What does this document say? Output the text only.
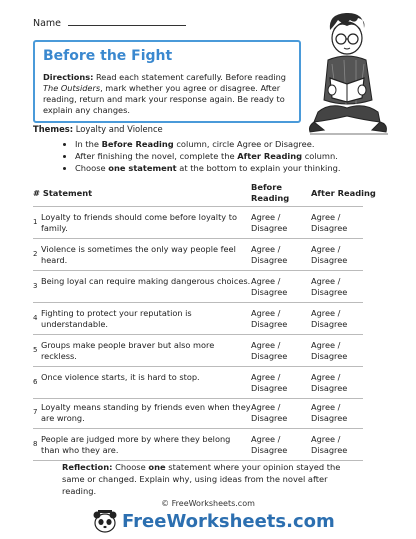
Name
Before the Fight
Directions: Read each statement carefully. Before reading The Outsiders, mark whether you agree or disagree. After reading, return and mark your response again. Be ready to explain any changes.
Themes: Loyalty and Violence
• In the Before Reading column, circle Agree or Disagree.
• After finishing the novel, complete the After Reading column.
• Choose one statement at the bottom to explain your thinking.
# Statement
Before
Reading	After Reading
1 Loyalty to friends should come before loyalty to family.
Agree /
Disagree
Agree /
Disagree
2 Violence is sometimes the only way people feel heard.
Agree /
Disagree
Agree /
Disagree
3 Being loyal can require making dangerous choices. Agree /
Disagree
Agree /
Disagree
4 Fighting to protect your reputation is understandable.
Agree /
Disagree
Agree /
Disagree
5 Groups make people braver but also more reckless.
Agree /
Disagree
Agree /
Disagree
6 Once violence starts, it is hard to stop.	Agree /
Disagree
Agree /
Disagree
7 Loyalty means standing by friends even when they are wrong.
Agree /
Disagree
Agree /
Disagree
8 People are judged more by where they belong than who they are.
Agree /
Disagree
Agree /
Disagree
Reflection: Choose one statement where your opinion stayed the same or changed. Explain why, using ideas from the novel after reading.
© FreeWorksheets.com
FreeWorksheets.com
